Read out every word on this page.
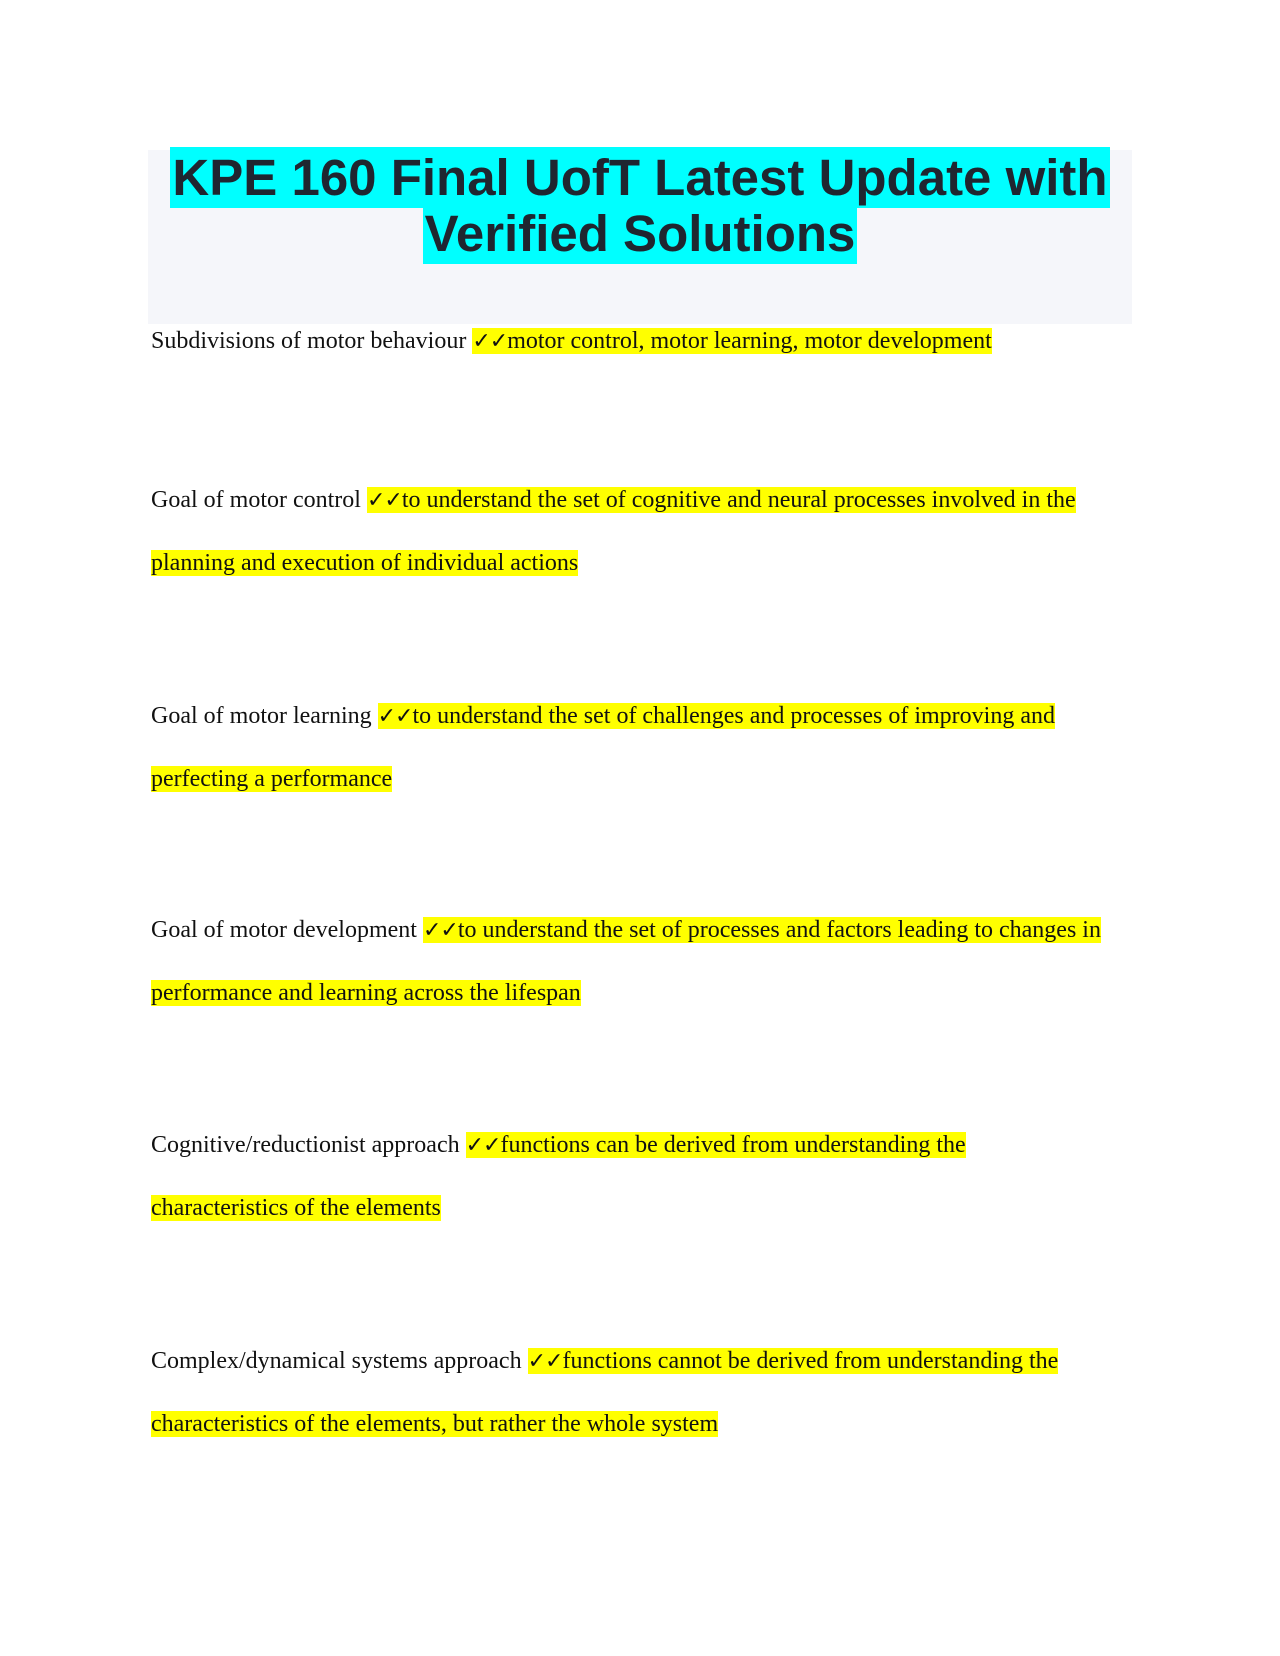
KPE 160 Final UofT Latest Update with Verified Solutions

Subdivisions of motor behaviour ✓✓motor control, motor learning, motor development

Goal of motor control ✓✓to understand the set of cognitive and neural processes involved in the planning and execution of individual actions

Goal of motor learning ✓✓to understand the set of challenges and processes of improving and perfecting a performance

Goal of motor development ✓✓to understand the set of processes and factors leading to changes in performance and learning across the lifespan

Cognitive/reductionist approach ✓✓functions can be derived from understanding the characteristics of the elements

Complex/dynamical systems approach ✓✓functions cannot be derived from understanding the characteristics of the elements, but rather the whole system
